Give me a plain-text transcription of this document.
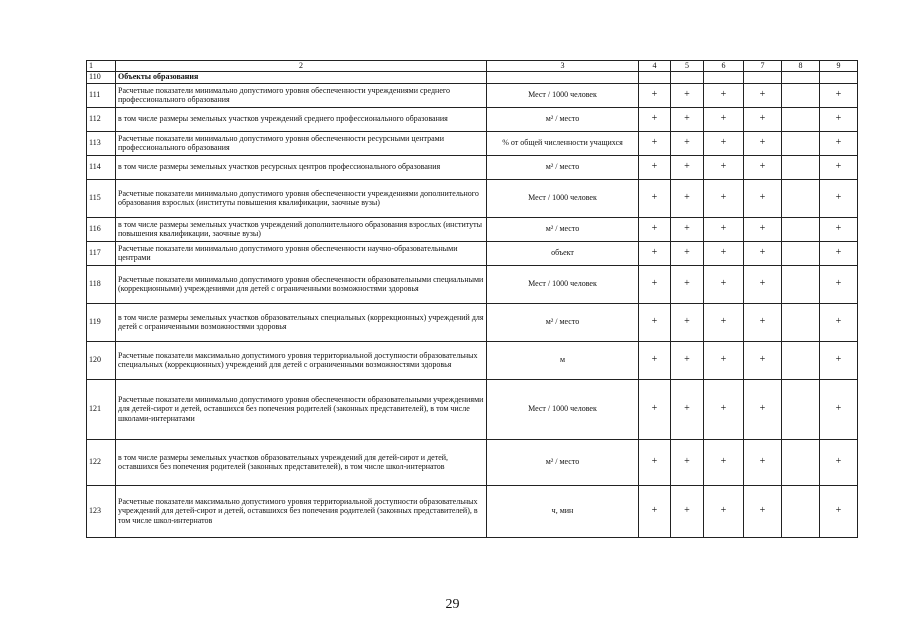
1	2	3	4	5	6	7	8	9
110	Объекты образования							
111	Расчетные показатели минимально допустимого уровня обеспеченности учреждениями среднего профессионального образования	Мест / 1000 человек	+	+	+	+		+
112	в том числе размеры земельных участков учреждений среднего профессионального образования	м² / место	+	+	+	+		+
113	Расчетные показатели минимально допустимого уровня обеспеченности ресурсными центрами профессионального образования	% от общей численности учащихся	+	+	+	+		+
114	в том числе размеры земельных участков ресурсных центров профессионального образования	м² / место	+	+	+	+		+
115	Расчетные показатели минимально допустимого уровня обеспеченности учреждениями дополнительного образования взрослых (институты повышения квалификации, заочные вузы)	Мест / 1000 человек	+	+	+	+		+
116	в том числе размеры земельных участков учреждений дополнительного образования взрослых (институты повышения квалификации, заочные вузы)	м² / место	+	+	+	+		+
117	Расчетные показатели минимально допустимого уровня обеспеченности научно-образовательными центрами	объект	+	+	+	+		+
118	Расчетные показатели минимально допустимого уровня обеспеченности образовательными специальными (коррекционными) учреждениями для детей с ограниченными возможностями здоровья	Мест / 1000 человек	+	+	+	+		+
119	в том числе размеры земельных участков образовательных специальных (коррекционных) учреждений для детей с ограниченными возможностями здоровья	м² / место	+	+	+	+		+
120	Расчетные показатели максимально допустимого уровня территориальной доступности образовательных специальных (коррекционных) учреждений для детей с ограниченными возможностями здоровья	м	+	+	+	+		+
121	Расчетные показатели минимально допустимого уровня обеспеченности образовательными учреждениями для детей-сирот и детей, оставшихся без попечения родителей (законных представителей), в том числе школами-интернатами	Мест / 1000 человек	+	+	+	+		+
122	в том числе размеры земельных участков образовательных учреждений для детей-сирот и детей, оставшихся без попечения родителей (законных представителей), в том числе школ-интернатов	м² / место	+	+	+	+		+
123	Расчетные показатели максимально допустимого уровня территориальной доступности образовательных учреждений для детей-сирот и детей, оставшихся без попечения родителей (законных представителей), в том числе школ-интернатов	ч, мин	+	+	+	+		+
29
